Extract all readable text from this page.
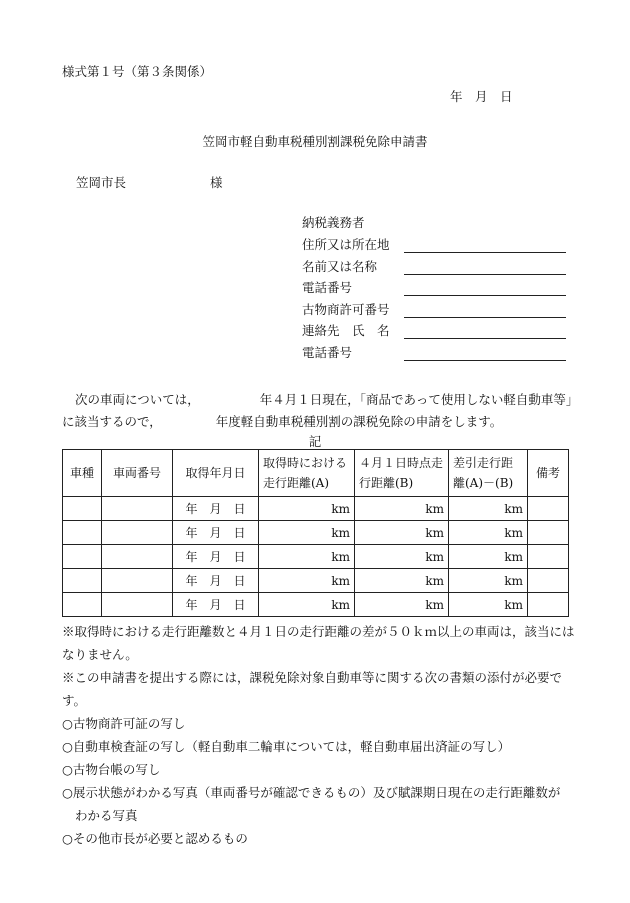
様式第１号（第３条関係）
年　月　日
笠岡市軽自動車税種別割課税免除申請書
笠岡市長	様
納税義務者
住所又は所在地
名前又は名称
電話番号
古物商許可番号
連絡先　氏　名
電話番号
次の車両については，	年４月１日現在，「商品であって使用しない軽自動車等」に該当するので，	年度軽自動車税種別割の課税免除の申請をします。
記
車種	車両番号	取得年月日	取得時における走行距離(A)	４月１日時点走行距離(B)	差引走行距離(A)－(B)	備考
		年　月　日	km	km	km	
		年　月　日	km	km	km	
		年　月　日	km	km	km	
		年　月　日	km	km	km	
		年　月　日	km	km	km	

※取得時における走行距離数と４月１日の走行距離の差が５０ｋｍ以上の車両は，該当にはなりません。

※この申請書を提出する際には，課税免除対象自動車等に関する次の書類の添付が必要です。

○古物商許可証の写し

○自動車検査証の写し（軽自動車二輪車については，軽自動車届出済証の写し）

○古物台帳の写し

○展示状態がわかる写真（車両番号が確認できるもの）及び賦課期日現在の走行距離数が

わかる写真

○その他市長が必要と認めるもの
